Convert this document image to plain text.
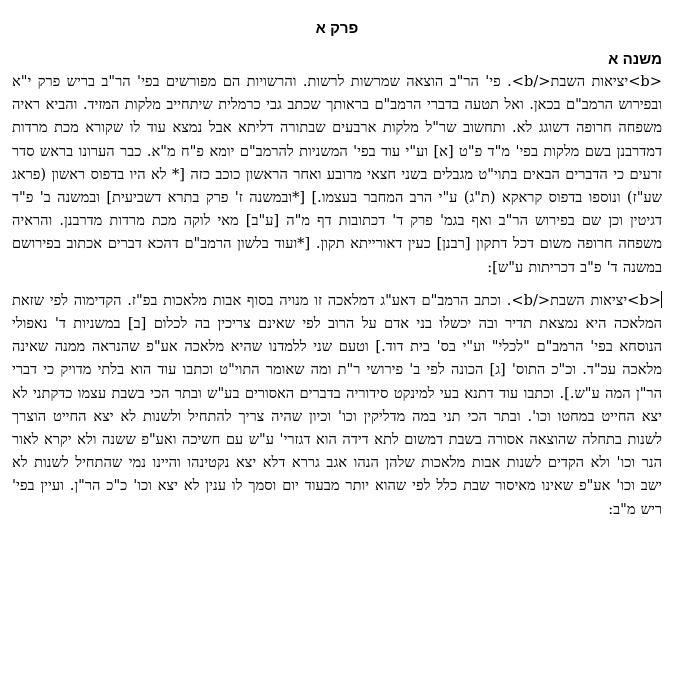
פרק א
משנה א
<b>יציאות השבת</b>. פי' הר"ב הוצאה שמרשות לרשות. והרשויות הם מפורשים בפי' הר"ב בריש פרק י"א ובפירוש הרמב"ם בכאן. ואל תטעה בדברי הרמב"ם בראותך שכתב גבי כרמלית שיתחייב מלקות המזיד. והביא ראיה משפחה חרופה דשוגג לא. ותחשוב שר"ל מלקות ארבעים שבתורה דליתא אבל נמצא עוד לו שקורא מכת מרדות דמדרבנן בשם מלקות בפי' מ"ד פ"ט [א] וע"י עוד בפי' המשניות להרמב"ם יומא פ"ח מ"א. כבר הערונו בראש סדר זרעים כי הדברים הבאים בתוי"ט מגבלים בשני חצאי מרובע ואחר הראשון כוכב כזה [* לא היו בדפוס ראשון (פראג שע"ז) ונוספו בדפוס קראקא (ת"ג) ע"י הרב המחבר בעצמו.] [*ובמשנה ז' פרק בתרא דשביעית] ובמשנה ב' פ"ד דגיטין וכן שם בפירוש הר"ב ואף בגמ' פרק ד' דכתובות דף מ"ה [ע"ב] מאי לוקה מכת מרדות מדרבנן. והראיה משפחה חרופה משום דכל דתקון [רבנן] כעין דאורייתא תקון. [*ועוד בלשון הרמב"ם דהכא דברים אכתוב בפירושם במשנה ד' פ"ב דכריתות ע"ש]:
<b>יציאות השבת</b>. וכתב הרמב"ם דאע"ג דמלאכה זו מנויה בסוף אבות מלאכות בפ"ז. הקדימוה לפי שזאת המלאכה היא נמצאת תדיר ובה יכשלו בני אדם על הרוב לפי שאינם צריכין בה לכלום [ב] במשניות ד' נאפולי הנוסחא בפי' הרמב"ם "לכלי" וע"י בס' בית דוד.] וטעם שני ללמדנו שהיא מלאכה אע"פ שהנראה ממנה שאינה מלאכה עכ"ד. וכ"כ התוס' [ג] הכונה לפי ב' פירושי ר"ת ומה שאומר התוי"ט וכתבו עוד הוא בלתי מדויק כי דברי הר"ן המה ע"ש.]. וכתבו עוד דתנא בעי למינקט סידוריה בדברים האסורים בע"ש ובתר הכי בשבת עצמו כדקתני לא יצא החייט במחטו וכו'. ובתר הכי תני במה מדליקין וכו' וכיון שהיה צריך להתחיל ולשנות לא יצא החייט הוצרך לשנות בתחלה שהוצאה אסורה בשבת דמשום לתא דידה הוא דגזרי' ע"ש עם חשיכה ואע"פ ששנה ולא יקרא לאור הנר וכו' ולא הקדים לשנות אבות מלאכות שלהן הנהו אגב גררא דלא יצא נקטינהו והיינו נמי שהתחיל לשנות לא ישב וכו' אע"פ שאינו מאיסור שבת כלל לפי שהוא יותר מבעוד יום וסמך לו ענין לא יצא וכו' כ"כ הר"ן. ועיין בפי' ריש מ"ב:
